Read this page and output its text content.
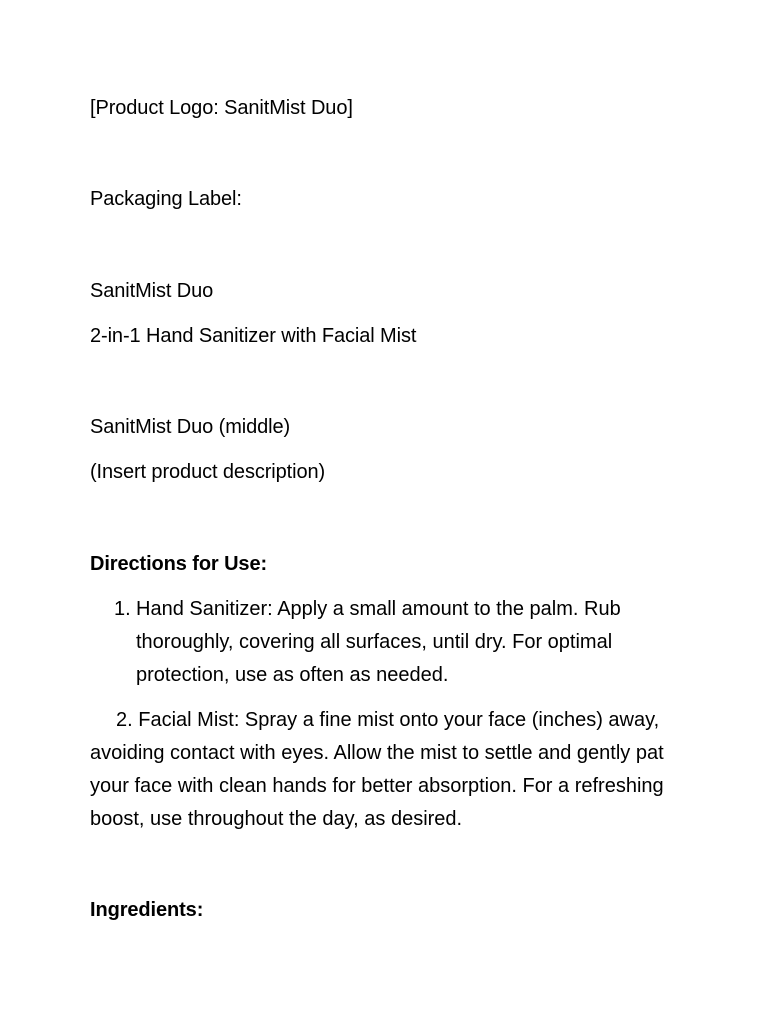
[Product Logo: SanitMist Duo]
Packaging Label:
SanitMist Duo
2-in-1 Hand Sanitizer with Facial Mist
SanitMist Duo (middle)
(Insert product description)
Directions for Use:
1. Hand Sanitizer: Apply a small amount to the palm. Rub thoroughly, covering all surfaces, until dry. For optimal protection, use as often as needed.
2. Facial Mist: Spray a fine mist onto your face (inches) away, avoiding contact with eyes. Allow the mist to settle and gently pat your face with clean hands for better absorption. For a refreshing boost, use throughout the day, as desired.
Ingredients:
